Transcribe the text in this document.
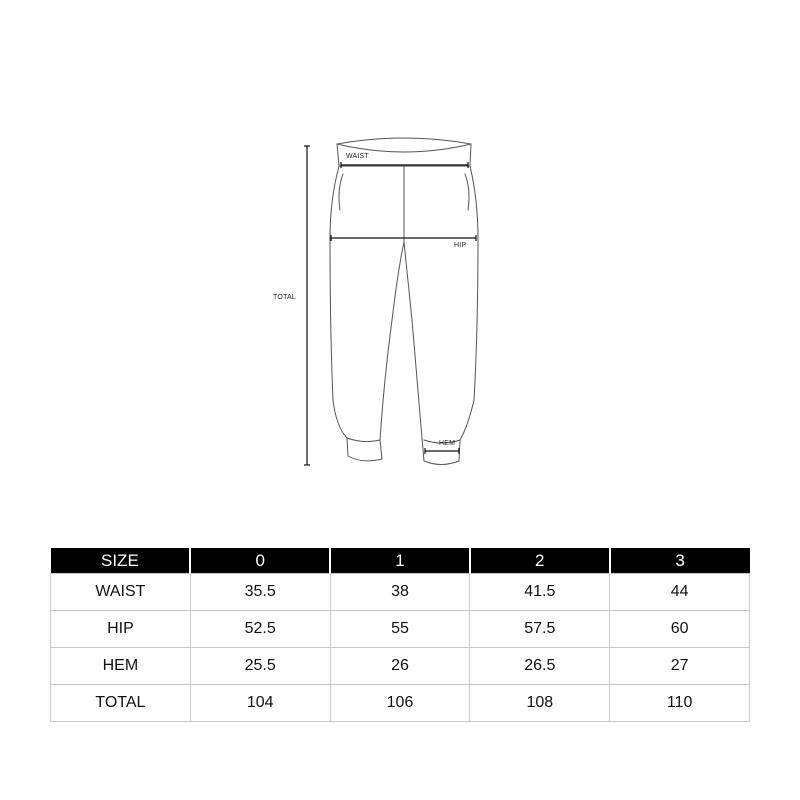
WAIST
HIP
HEM
TOTAL
SIZE	0	1	2	3
WAIST	35.5	38	41.5	44
HIP	52.5	55	57.5	60
HEM	25.5	26	26.5	27
TOTAL	104	106	108	110
